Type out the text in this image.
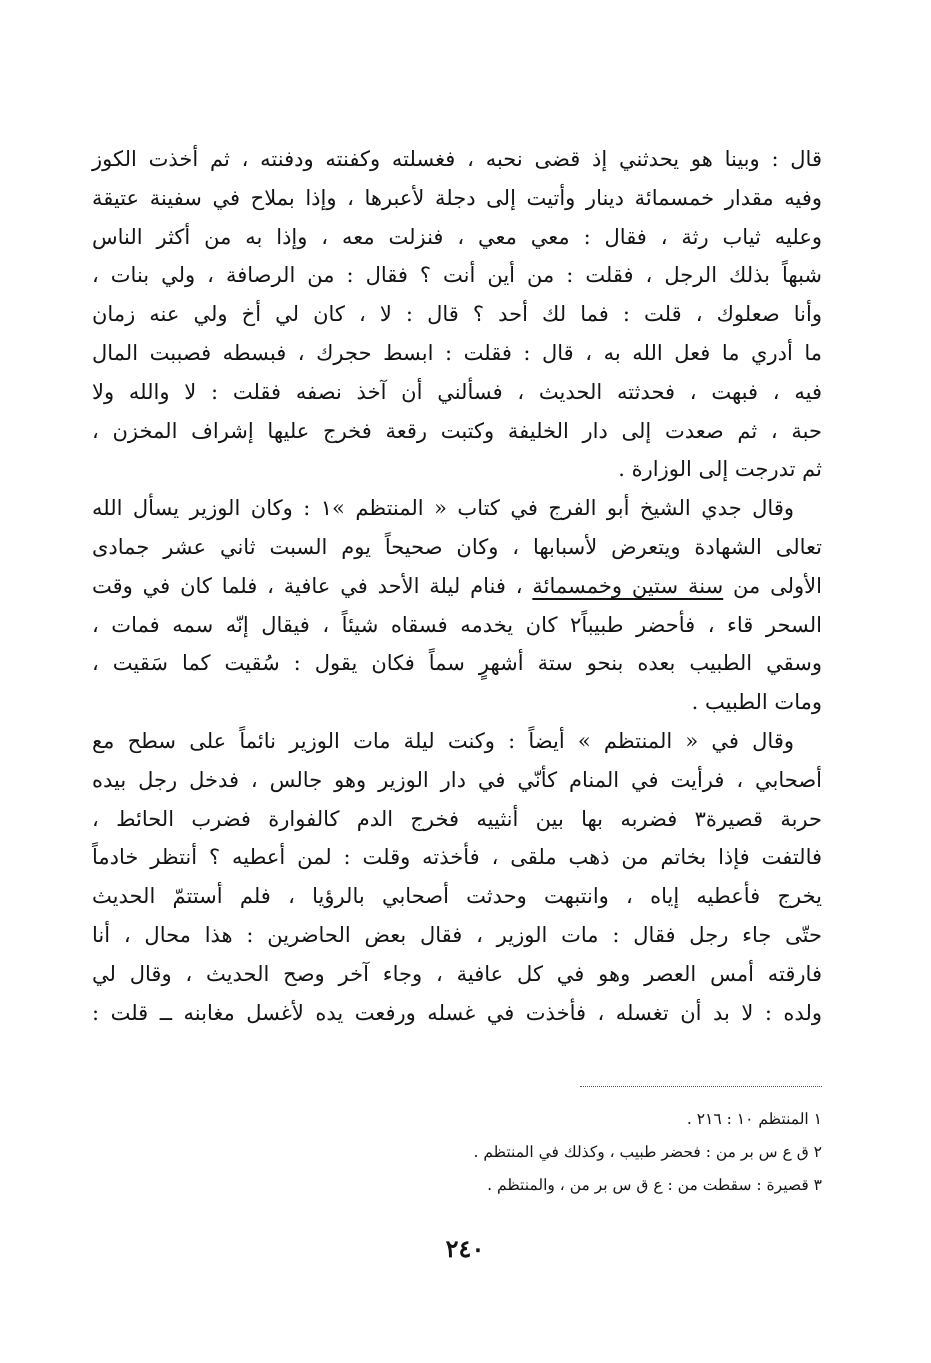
قال : وبينا هو يحدثني إذ قضى نحبه ، فغسلته وكفنته ودفنته ، ثم أخذت الكوز
وفيه مقدار خمسمائة دينار وأتيت إلى دجلة لأعبرها ، وإذا بملاح في سفينة عتيقة
وعليه ثياب رثة ، فقال : معي معي ، فنزلت معه ، وإذا به من أكثر الناس
شبهاً بذلك الرجل ، فقلت : من أين أنت ؟ فقال : من الرصافة ، ولي بنات ،
وأنا صعلوك ، قلت : فما لك أحد ؟ قال : لا ، كان لي أخ ولي عنه زمان
ما أدري ما فعل الله به ، قال : فقلت : ابسط حجرك ، فبسطه فصببت المال
فيه ، فبهت ، فحدثته الحديث ، فسألني أن آخذ نصفه فقلت : لا والله ولا
حبة ، ثم صعدت إلى دار الخليفة وكتبت رقعة فخرج عليها إشراف المخزن ،
ثم تدرجت إلى الوزارة .
وقال جدي الشيخ أبو الفرج في كتاب « المنتظم »١ : وكان الوزير يسأل الله
تعالى الشهادة ويتعرض لأسبابها ، وكان صحيحاً يوم السبت ثاني عشر جمادى
الأولى من سنة ستين وخمسمائة ، فنام ليلة الأحد في عافية ، فلما كان في وقت
السحر قاء ، فأحضر طبيباً٢ كان يخدمه فسقاه شيئاً ، فيقال إنّه سمه فمات ،
وسقي الطبيب بعده بنحو ستة أشهرٍ سماً فكان يقول : سُقيت كما سَقيت ،
ومات الطبيب .
وقال في « المنتظم » أيضاً : وكنت ليلة مات الوزير نائماً على سطح مع
أصحابي ، فرأيت في المنام كأنّي في دار الوزير وهو جالس ، فدخل رجل بيده
حربة قصيرة٣ فضربه بها بين أنثييه فخرج الدم كالفوارة فضرب الحائط ،
فالتفت فإذا بخاتم من ذهب ملقى ، فأخذته وقلت : لمن أعطيه ؟ أنتظر خادماً
يخرج فأعطيه إياه ، وانتبهت وحدثت أصحابي بالرؤيا ، فلم أستتمّ الحديث
حتّى جاء رجل فقال : مات الوزير ، فقال بعض الحاضرين : هذا محال ، أنا
فارقته أمس العصر وهو في كل عافية ، وجاء آخر وصح الحديث ، وقال لي
ولده : لا بد أن تغسله ، فأخذت في غسله ورفعت يده لأغسل مغابنه ــ قلت :
١ المنتظم ١٠ : ٢١٦ .
٢ ق ع س بر من : فحضر طبيب ، وكذلك في المنتظم .
٣ قصيرة : سقطت من : ع ق س بر من ، والمنتظم .
٢٤٠
